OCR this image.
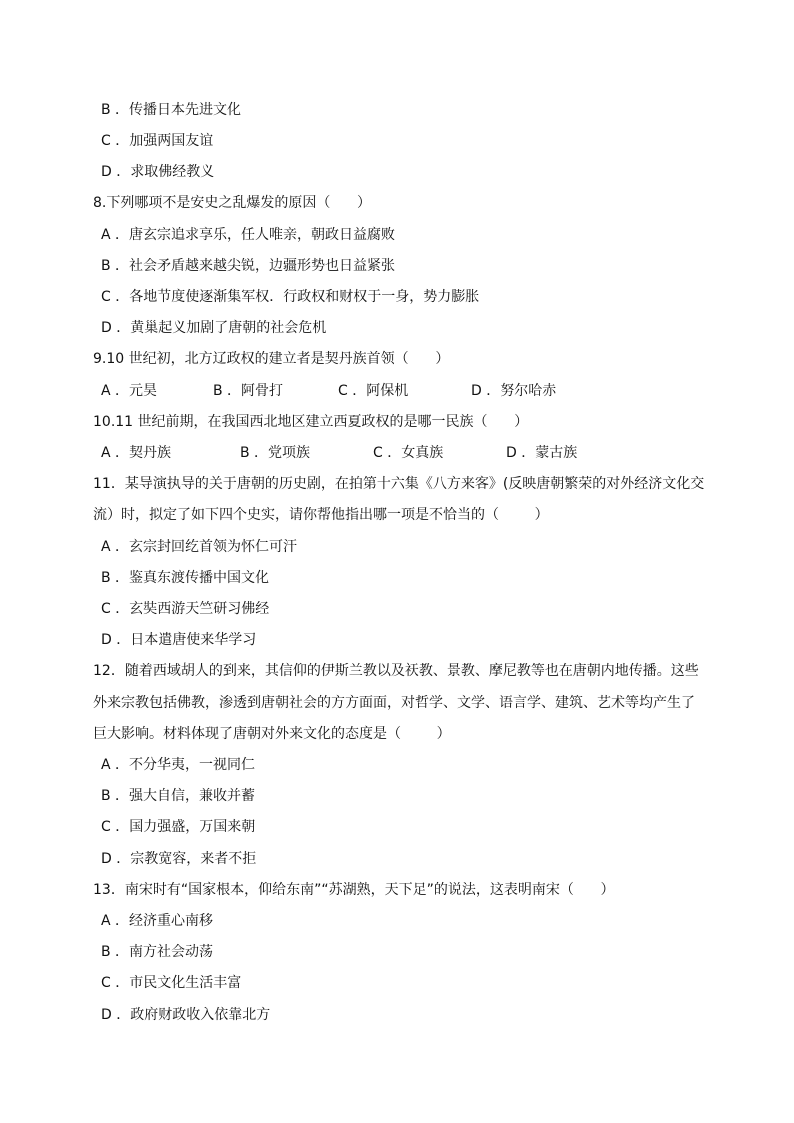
B ．传播日本先进文化
C ．加强两国友谊
D ．求取佛经教义
8.下列哪项不是安史之乱爆发的原因（      ）
A ．唐玄宗追求享乐，任人唯亲，朝政日益腐败
B ．社会矛盾越来越尖锐，边疆形势也日益紧张
C ．各地节度使逐渐集军权．行政权和财权于一身，势力膨胀
D ．黄巢起义加剧了唐朝的社会危机
9.10 世纪初，北方辽政权的建立者是契丹族首领（      ）
A ．元昊	B ．阿骨打	C ．阿保机	D ．努尔哈赤
10.11 世纪前期，在我国西北地区建立西夏政权的是哪一民族（      ）
A ．契丹族	B ．党项族	C ．女真族	D ．蒙古族
11．某导演执导的关于唐朝的历史剧，在拍第十六集《八方来客》(反映唐朝繁荣的对外经济文化交
流）时，拟定了如下四个史实，请你帮他指出哪一项是不恰当的（        ）
A ．玄宗封回纥首领为怀仁可汗
B ．鉴真东渡传播中国文化
C ．玄奘西游天竺研习佛经
D ．日本遣唐使来华学习
12．随着西域胡人的到来，其信仰的伊斯兰教以及祆教、景教、摩尼教等也在唐朝内地传播。这些
外来宗教包括佛教，渗透到唐朝社会的方方面面，对哲学、文学、语言学、建筑、艺术等均产生了
巨大影响。材料体现了唐朝对外来文化的态度是（        ）
A ．不分华夷，一视同仁
B ．强大自信，兼收并蓄
C ．国力强盛，万国来朝
D ．宗教宽容，来者不拒
13．南宋时有“国家根本，仰给东南”“苏湖熟，天下足”的说法，这表明南宋（      ）
A ．经济重心南移
B ．南方社会动荡
C ．市民文化生活丰富
D ．政府财政收入依靠北方
